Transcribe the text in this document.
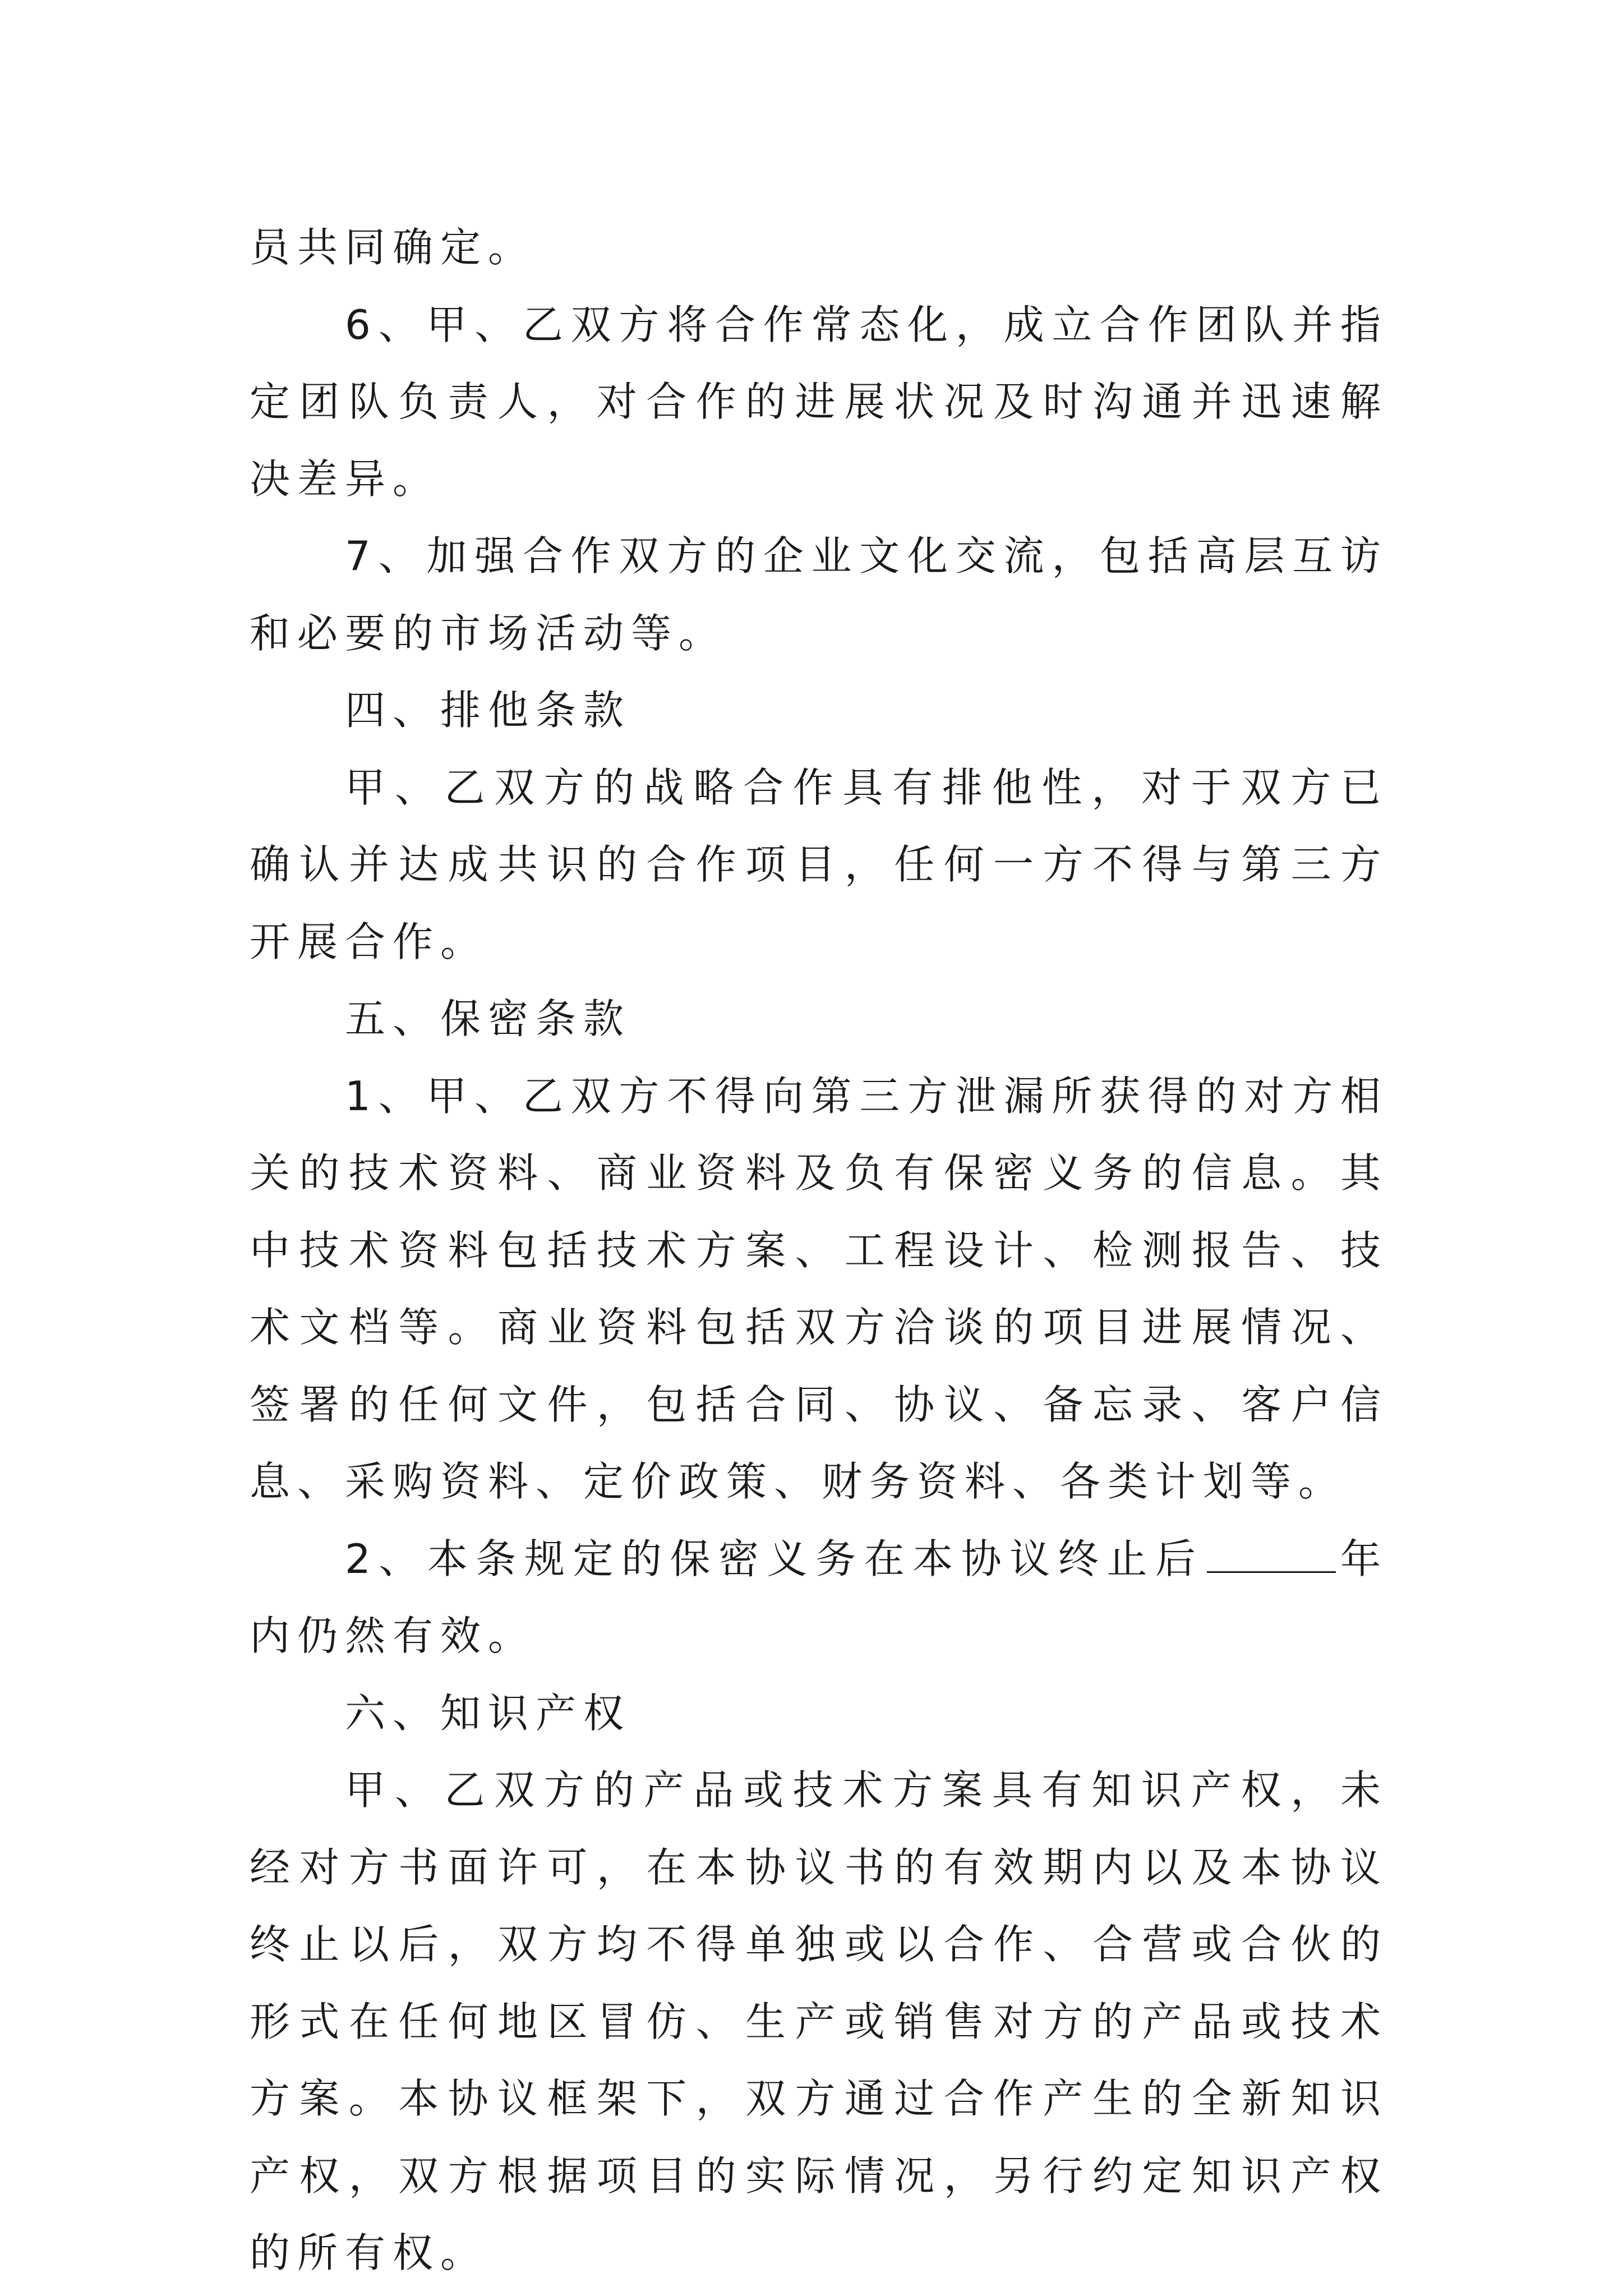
员共同确定。

6、甲、乙双方将合作常态化，成立合作团队并指定团队负责人，对合作的进展状况及时沟通并迅速解决差异。

7、加强合作双方的企业文化交流，包括高层互访和必要的市场活动等。

四、排他条款

甲、乙双方的战略合作具有排他性，对于双方已确认并达成共识的合作项目，任何一方不得与第三方开展合作。

五、保密条款

1、甲、乙双方不得向第三方泄漏所获得的对方相关的技术资料、商业资料及负有保密义务的信息。其中技术资料包括技术方案、工程设计、检测报告、技术文档等。商业资料包括双方洽谈的项目进展情况、签署的任何文件，包括合同、协议、备忘录、客户信息、采购资料、定价政策、财务资料、各类计划等。

2、本条规定的保密义务在本协议终止后	年内仍然有效。

六、知识产权

甲、乙双方的产品或技术方案具有知识产权，未经对方书面许可，在本协议书的有效期内以及本协议终止以后，双方均不得单独或以合作、合营或合伙的形式在任何地区冒仿、生产或销售对方的产品或技术方案。本协议框架下，双方通过合作产生的全新知识产权，双方根据项目的实际情况，另行约定知识产权的所有权。
